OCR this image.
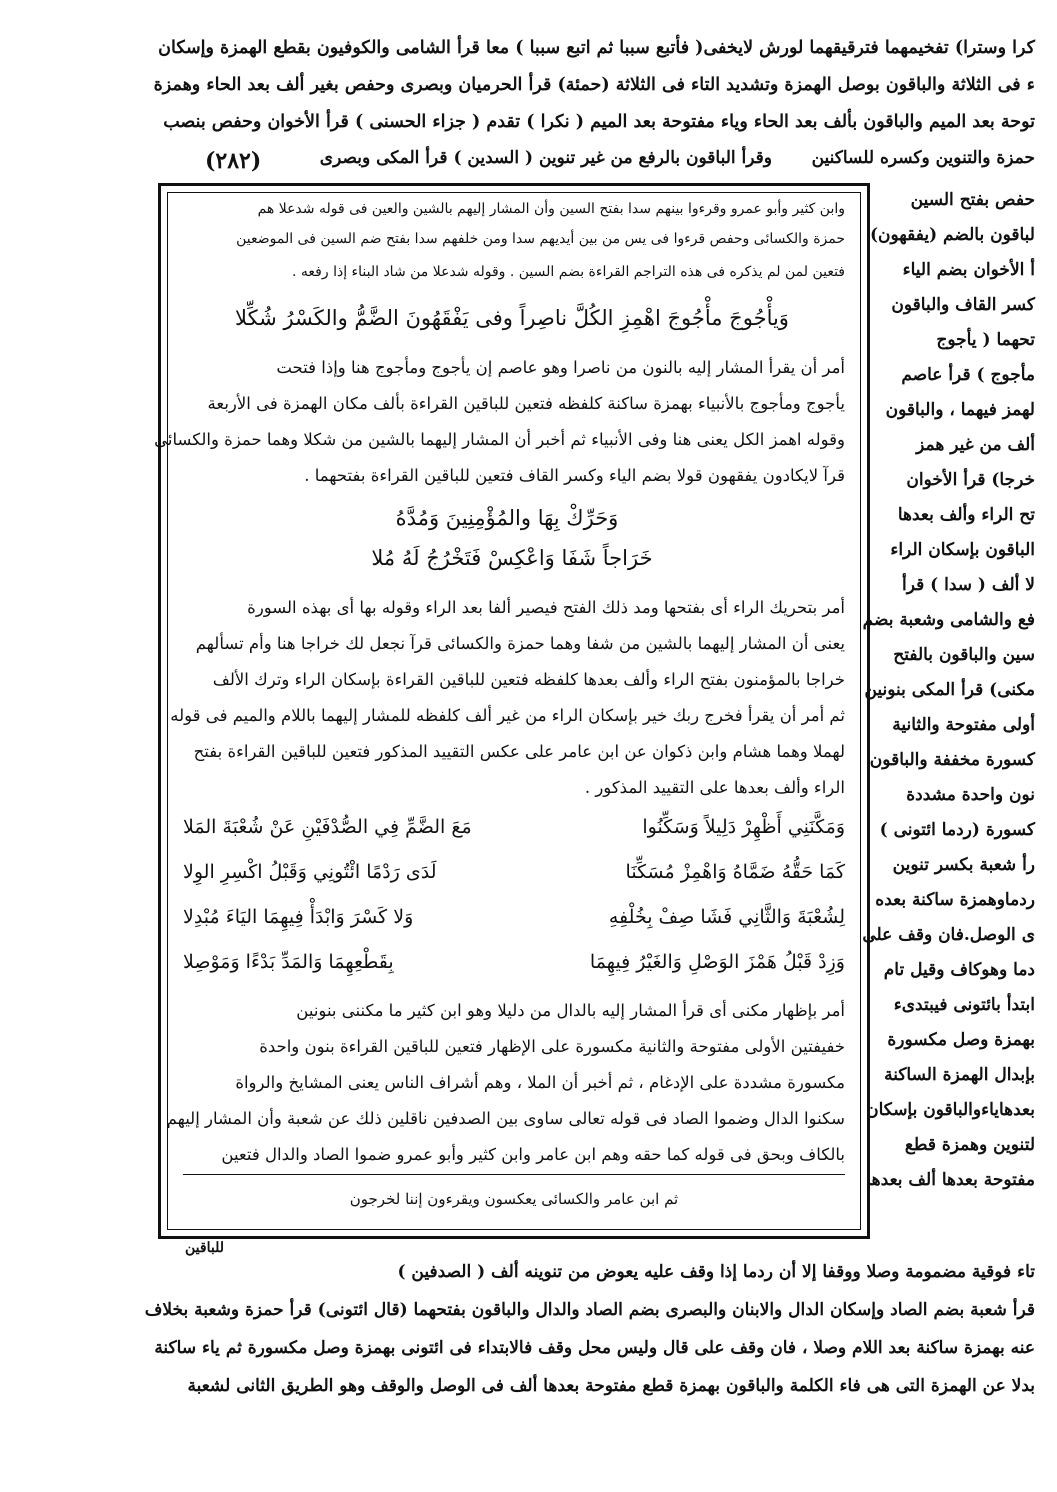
كرا وسترا) تفخيمهما فترقيقهما لورش لايخفى( فأتبع سببا ثم اتبع سببا ) معا قرأ الشامى والكوفيون بقطع الهمزة وإسكان
ء فى الثلاثة والباقون بوصل الهمزة وتشديد التاء فى الثلاثة (حمئة) قرأ الحرميان وبصرى وحفص بغير ألف بعد الحاء وهمزة
توحة بعد الميم والباقون بألف بعد الحاء وياء مفتوحة بعد الميم ( نكرا ) تقدم ( جزاء الحسنى ) قرأ الأخوان وحفص بنصب
حمزة والتنوين وكسره للساكنين
وقرأ الباقون بالرفع من غير تنوين ( السدين ) قرأ المكى وبصرى
(٢٨٢)
حفص بفتح السين
لباقون بالضم (يفقهون)
أ الأخوان بضم الياء
كسر القاف والباقون
تحهما ( يأجوج
مأجوج ) قرأ عاصم
لهمز فيهما ، والباقون
ألف من غير همز
خرجا) قرأ الأخوان
تح الراء وألف بعدها
الباقون بإسكان الراء
لا ألف ( سدا ) قرأ
فع والشامى وشعبة بضم
سين والباقون بالفتح
مكنى) قرأ المكى بنونين
أولى مفتوحة والثانية
كسورة مخففة والباقون
نون واحدة مشددة
كسورة (ردما ائتونى )
رأ شعبة بكسر تنوين
ردماوهمزة ساكنة بعده
ى الوصل.فان وقف على
دما وهوكاف وقيل تام
ابتدأ بائتونى فيبتدىء
بهمزة وصل مكسورة
بإبدال الهمزة الساكنة
بعدهاياءوالباقون بإسكان
لتنوين وهمزة قطع
مفتوحة بعدها ألف بعدها
وابن كثير وأبو عمرو وقرءوا بينهم سدا بفتح السين وأن المشار إليهم بالشين والعين فى قوله شدعلا هم
حمزة والكسائى وحفص قرءوا فى يس من بين أيديهم سدا ومن خلفهم سدا بفتح ضم السين فى الموضعين
فتعين لمن لم يذكره فى هذه التراجم القراءة بضم السين . وقوله شدعلا من شاد البناء إذا رفعه .
وَيأْجُوجَ مأْجُوجَ اهْمِزِ الكُلَّ ناصِراً وفى يَفْقَهُونَ الضَّمُّ والكَسْرُ شُكِّلا
أمر أن يقرأ المشار إليه بالنون من ناصرا وهو عاصم إن يأجوج ومأجوج هنا وإذا فتحت
يأجوج ومأجوج بالأنبياء بهمزة ساكنة كلفظه فتعين للباقين القراءة بألف مكان الهمزة فى الأربعة
وقوله اهمز الكل يعنى هنا وفى الأنبياء ثم أخبر أن المشار إليهما بالشين من شكلا وهما حمزة والكسائى
قرآ لايكادون يفقهون قولا بضم الياء وكسر القاف فتعين للباقين القراءة بفتحهما .
وَحَرِّكْ بِهَا والمُؤْمِنِينَ وَمُدَّهُ
خَرَاجاً شَفَا وَاعْكِسْ فَتَخْرُجُ لَهُ مُلا
أمر بتحريك الراء أى بفتحها ومد ذلك الفتح فيصير ألفا بعد الراء وقوله بها أى بهذه السورة
يعنى أن المشار إليهما بالشين من شفا وهما حمزة والكسائى قرآ نجعل لك خراجا هنا وأم تسألهم
خراجا بالمؤمنون بفتح الراء وألف بعدها كلفظه فتعين للباقين القراءة بإسكان الراء وترك الألف
ثم أمر أن يقرأ فخرج ربك خير بإسكان الراء من غير ألف كلفظه للمشار إليهما باللام والميم فى قوله
لهملا وهما هشام وابن ذكوان عن ابن عامر على عكس التقييد المذكور فتعين للباقين القراءة بفتح
الراء وألف بعدها على التقييد المذكور .
وَمَكَّنَنِي أَظْهِرْ دَلِيلاً وَسَكِّنُوا
مَعَ الضَّمِّ فِي الصُّدْفَيْنِ عَنْ شُعْبَةَ المَلا
كَمَا حَقُّهُ ضَمَّاهُ وَاهْمِزْ مُسَكِّنَا
لَدَى رَدْمًا ائْتُونِي وَقَبْلُ اكْسِرِ الوِلا
لِشُعْبَةَ وَالثَّانِي فَشَا صِفْ بِخُلْفِهِ
وَلا كَسْرَ وَابْدَأْ فِيهِمَا اليَاءَ مُبْدِلا
وَزِدْ قَبْلُ هَمْزَ الوَصْلِ وَالغَيْرُ فِيهِمَا
بِقَطْعِهِمَا وَالمَدِّ بَدْءًا وَمَوْصِلا
أمر بإظهار مكنى أى قرأ المشار إليه بالدال من دليلا وهو ابن كثير ما مكننى بنونين
خفيفتين الأولى مفتوحة والثانية مكسورة على الإظهار فتعين للباقين القراءة بنون واحدة
مكسورة مشددة على الإدغام ، ثم أخبر أن الملا ، وهم أشراف الناس يعنى المشايخ والرواة
سكنوا الدال وضموا الصاد فى قوله تعالى ساوى بين الصدفين ناقلين ذلك عن شعبة وأن المشار إليهم
بالكاف وبحق فى قوله كما حقه وهم ابن عامر وابن كثير وأبو عمرو ضموا الصاد والدال فتعين
ثم ابن عامر والكسائى يعكسون ويقرءون إننا لخرجون
للباقين
تاء فوقية مضمومة وصلا ووقفا إلا أن ردما إذا وقف عليه يعوض من تنوينه ألف ( الصدفين )
قرأ شعبة بضم الصاد وإسكان الدال والابنان والبصرى بضم الصاد والدال والباقون بفتحهما (قال ائتونى) قرأ حمزة وشعبة بخلاف
عنه بهمزة ساكنة بعد اللام وصلا ، فان وقف على قال وليس محل وقف فالابتداء فى ائتونى بهمزة وصل مكسورة ثم ياء ساكنة
بدلا عن الهمزة التى هى فاء الكلمة والباقون بهمزة قطع مفتوحة بعدها ألف فى الوصل والوقف وهو الطريق الثانى لشعبة
